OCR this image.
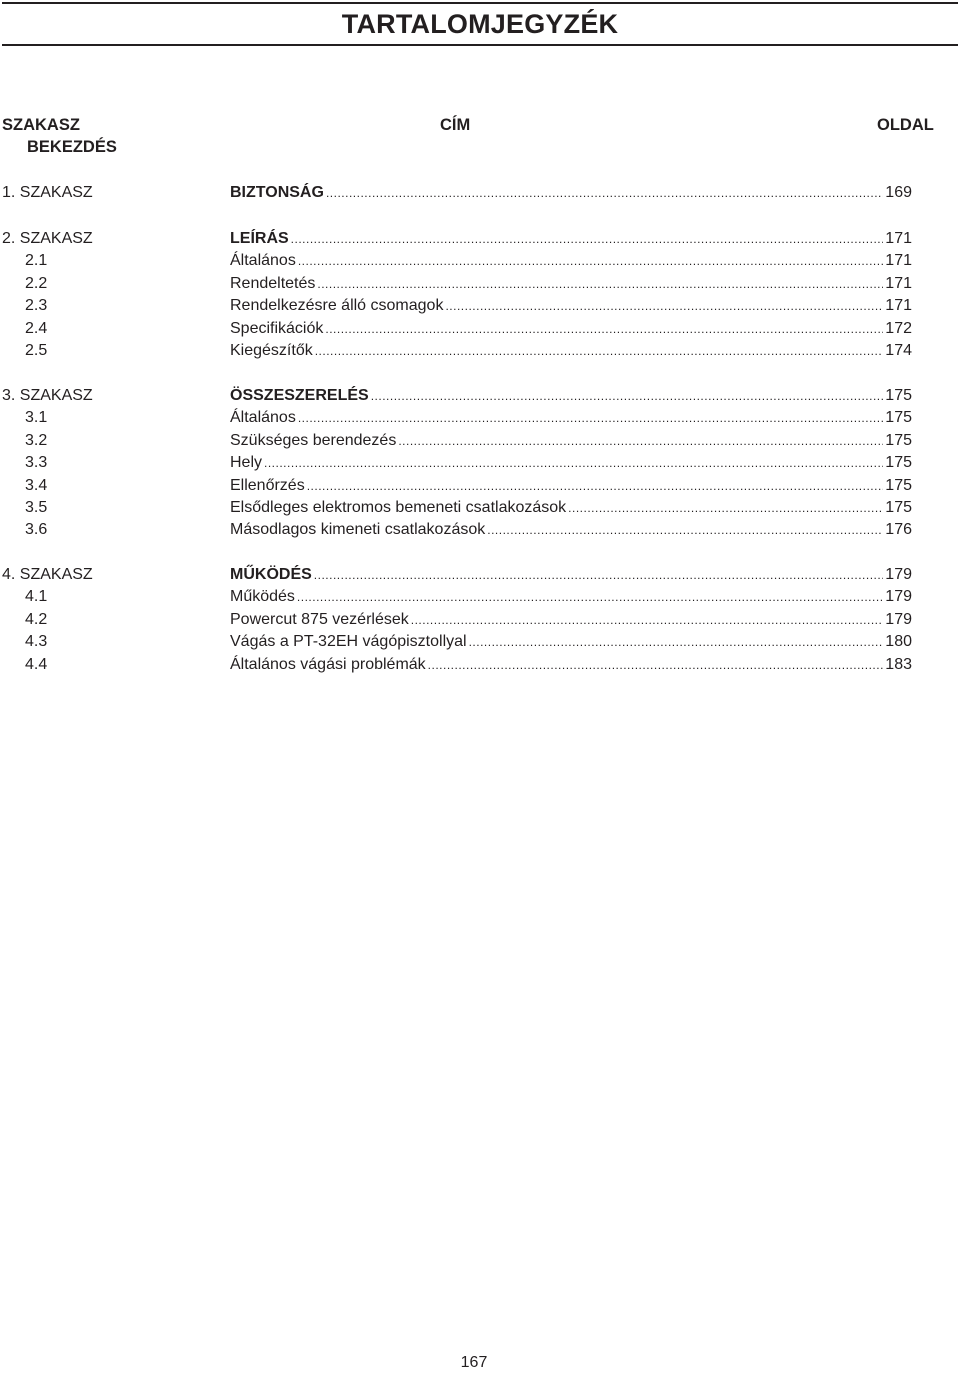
TARTALOMJEGYZÉK
SZAKASZ
BEKEZDÉS
CÍM	OLDAL
1. SZAKASZ	BIZTONSÁG .....	169
2. SZAKASZ	LEÍRÁS .....	171
2.1	Általános .....	171
2.2	Rendeltetés .....	171
2.3	Rendelkezésre álló csomagok .....	171
2.4	Specifikációk .....	172
2.5	Kiegészítők .....	174
3. SZAKASZ	ÖSSZESZERELÉS .....	175
3.1	Általános .....	175
3.2	Szükséges berendezés .....	175
3.3	Hely .....	175
3.4	Ellenőrzés .....	175
3.5	Elsődleges elektromos bemeneti csatlakozások .....	175
3.6	Másodlagos kimeneti csatlakozások .....	176
4. SZAKASZ	MŰKÖDÉS .....	179
4.1	Működés .....	179
4.2	Powercut 875 vezérlések .....	179
4.3	Vágás a PT-32EH vágópisztollyal .....	180
4.4	Általános vágási problémák .....	183
167
